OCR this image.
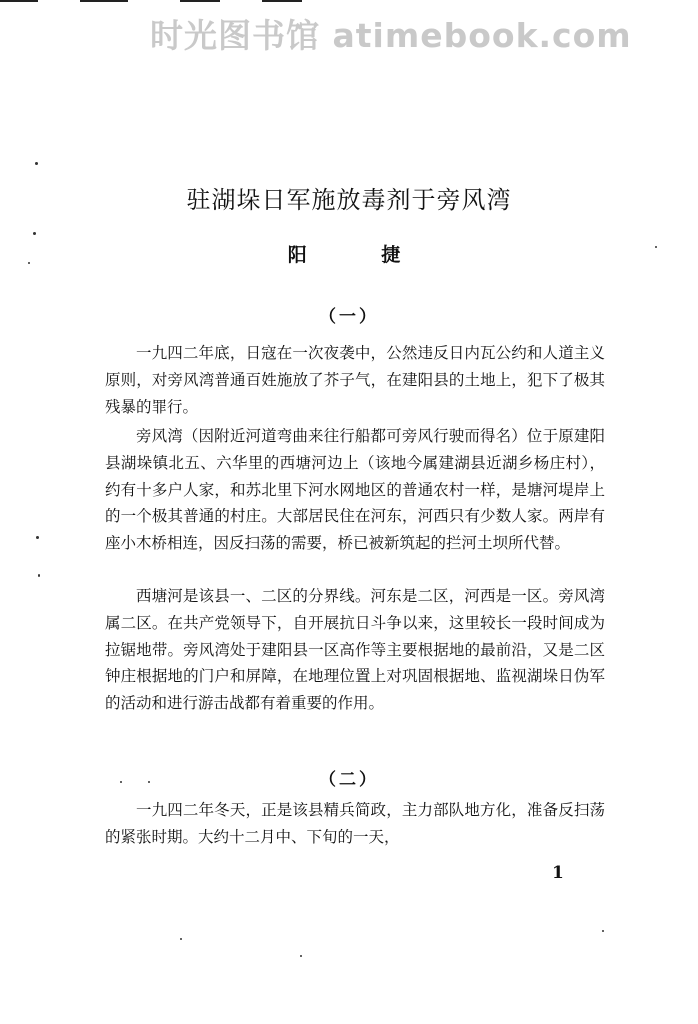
时光图书馆 atimebook.com
驻湖垛日军施放毒剂于旁风湾
阳 捷
（一）

一九四二年底，日寇在一次夜袭中，公然违反日内瓦公约和人道主义原则，对旁风湾普通百姓施放了芥子气，在建阳县的土地上，犯下了极其残暴的罪行。

旁风湾（因附近河道弯曲来往行船都可旁风行驶而得名）位于原建阳县湖垛镇北五、六华里的西塘河边上（该地今属建湖县近湖乡杨庄村），约有十多户人家，和苏北里下河水网地区的普通农村一样，是塘河堤岸上的一个极其普通的村庄。大部居民住在河东，河西只有少数人家。两岸有座小木桥相连，因反扫荡的需要，桥已被新筑起的拦河土坝所代替。

西塘河是该县一、二区的分界线。河东是二区，河西是一区。旁风湾属二区。在共产党领导下，自开展抗日斗争以来，这里较长一段时间成为拉锯地带。旁风湾处于建阳县一区高作等主要根据地的最前沿，又是二区钟庄根据地的门户和屏障，在地理位置上对巩固根据地、监视湖垛日伪军的活动和进行游击战都有着重要的作用。

（二）

一九四二年冬天，正是该县精兵简政，主力部队地方化，准备反扫荡的紧张时期。大约十二月中、下旬的一天，

1
